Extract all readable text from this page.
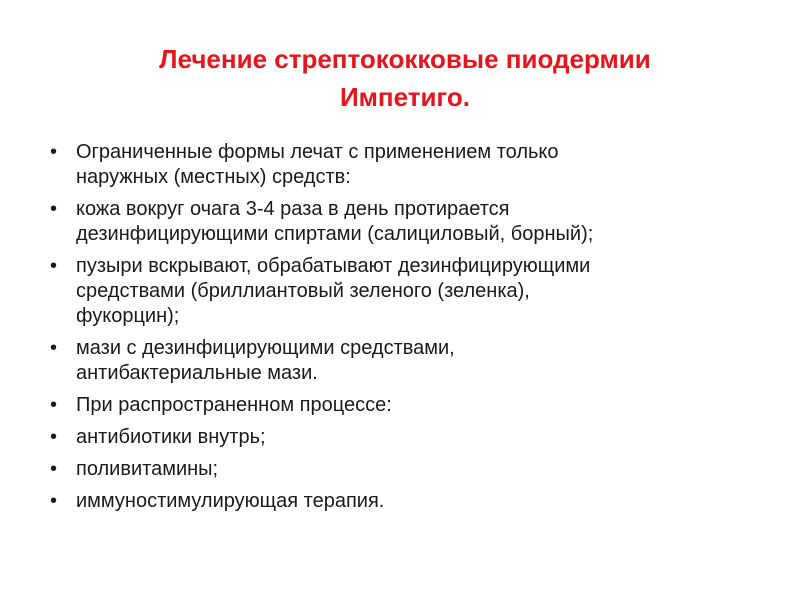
Лечение стрептококковые пиодермии
Импетиго.
• Ограниченные формы лечат с применением только
наружных (местных) средств:
• кожа вокруг очага 3-4 раза в день протирается
дезинфицирующими спиртами (салициловый, борный);
• пузыри вскрывают, обрабатывают дезинфицирующими
средствами (бриллиантовый зеленого (зеленка),
фукорцин);
• мази с дезинфицирующими средствами,
антибактериальные мази.
• При распространенном процессе:
• антибиотики внутрь;
• поливитамины;
• иммуностимулирующая терапия.
